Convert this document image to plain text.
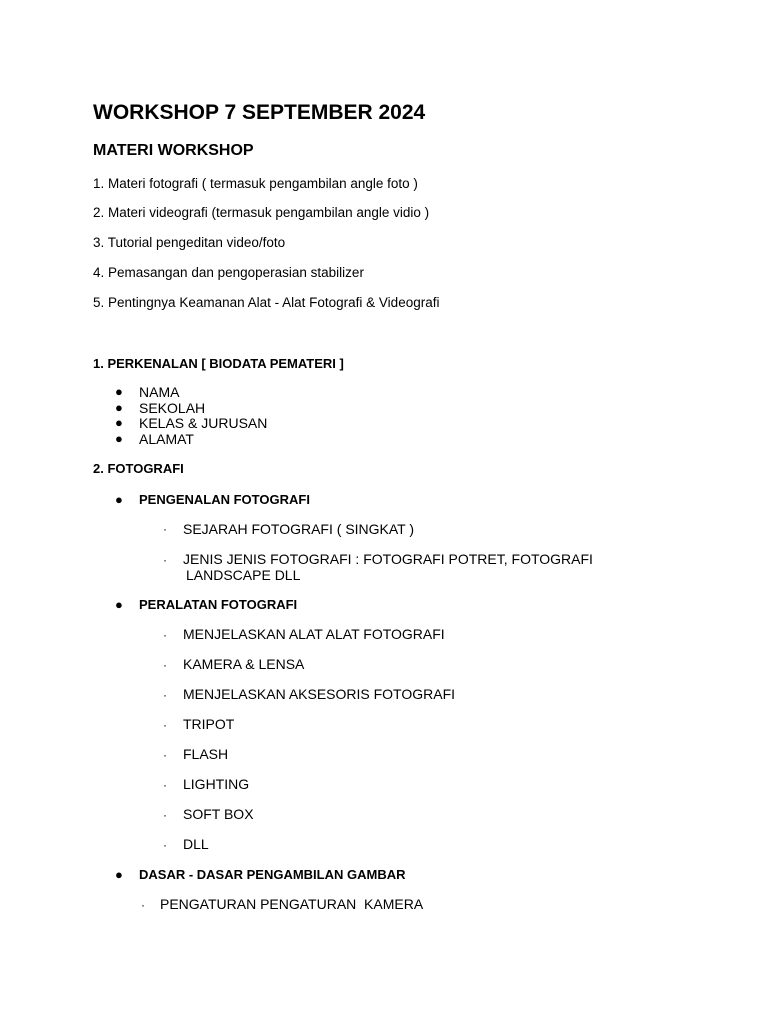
WORKSHOP 7 SEPTEMBER 2024
MATERI WORKSHOP

1. Materi fotografi ( termasuk pengambilan angle foto )

2. Materi videografi (termasuk pengambilan angle vidio )

3. Tutorial pengeditan video/foto

4. Pemasangan dan pengoperasian stabilizer

5. Pentingnya Keamanan Alat - Alat Fotografi & Videografi

1. PERKENALAN [ BIODATA PEMATERI ]

● NAMA
● SEKOLAH
● KELAS & JURUSAN
● ALAMAT

2. FOTOGRAFI

● PENGENALAN FOTOGRAFI
· SEJARAH FOTOGRAFI ( SINGKAT )
· JENIS JENIS FOTOGRAFI : FOTOGRAFI POTRET, FOTOGRAFI
LANDSCAPE DLL
● PERALATAN FOTOGRAFI
· MENJELASKAN ALAT ALAT FOTOGRAFI
· KAMERA & LENSA
· MENJELASKAN AKSESORIS FOTOGRAFI
· TRIPOT
· FLASH
· LIGHTING
· SOFT BOX
· DLL
● DASAR - DASAR PENGAMBILAN GAMBAR
· PENGATURAN PENGATURAN  KAMERA
